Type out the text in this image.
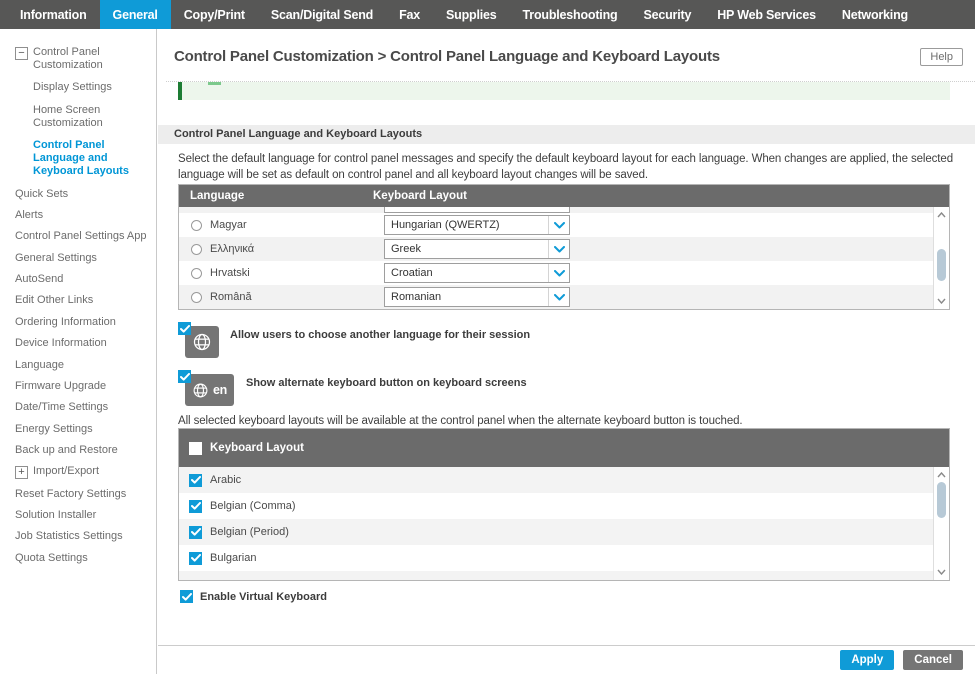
Information	General	Copy/Print	Scan/Digital Send	Fax	Supplies	Troubleshooting	Security	HP Web Services	Networking
− Control Panel Customization
Display Settings
Home Screen Customization
Control Panel Language and Keyboard Layouts
Quick Sets
Alerts
Control Panel Settings App
General Settings
AutoSend
Edit Other Links
Ordering Information
Device Information
Language
Firmware Upgrade
Date/Time Settings
Energy Settings
Back up and Restore
+ Import/Export
Reset Factory Settings
Solution Installer
Job Statistics Settings
Quota Settings
Control Panel Customization > Control Panel Language and Keyboard Layouts	Help
Control Panel Language and Keyboard Layouts

Select the default language for control panel messages and specify the default keyboard layout for each language. When changes are applied, the selected language will be set as default on control panel and all keyboard layout changes will be saved.

Language	Keyboard Layout
Magyar	Hungarian (QWERTZ)
Ελληνικά	Greek
Hrvatski	Croatian
Română	Romanian
Allow users to choose another language for their session
en Show alternate keyboard button on keyboard screens

All selected keyboard layouts will be available at the control panel when the alternate keyboard button is touched.

Keyboard Layout
Arabic
Belgian (Comma)
Belgian (Period)
Bulgarian
Enable Virtual Keyboard
Apply	Cancel
